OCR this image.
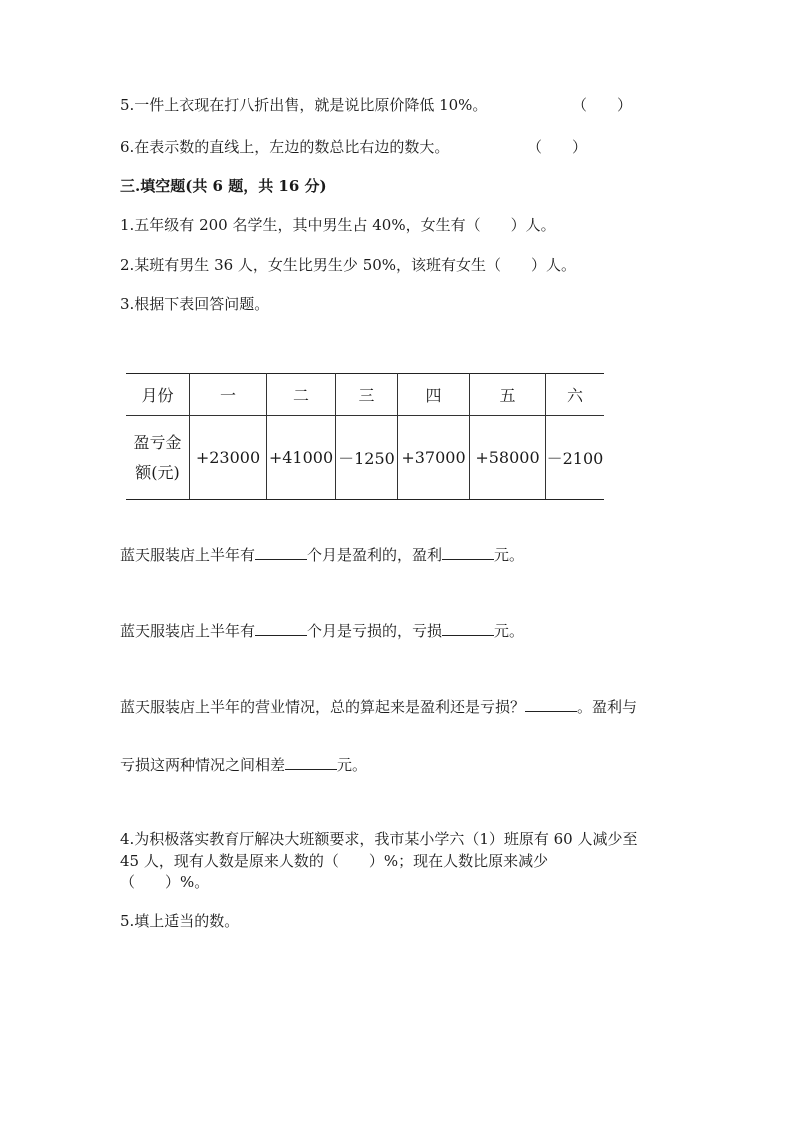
5.一件上衣现在打八折出售，就是说比原价降低 10%。	（　　）
6.在表示数的直线上，左边的数总比右边的数大。	（　　）
三.填空题(共 6 题，共 16 分)
1.五年级有 200 名学生，其中男生占 40%，女生有（　　）人。
2.某班有男生 36 人，女生比男生少 50%，该班有女生（　　）人。
3.根据下表回答问题。
月份	一	二	三	四	五	六
盈亏金
额(元)	+23000	+41000	－1250	+37000	+58000	－2100
蓝天服装店上半年有	个月是盈利的，盈利	元。
蓝天服装店上半年有	个月是亏损的，亏损	元。
蓝天服装店上半年的营业情况，总的算起来是盈利还是亏损？	。盈利与
亏损这两种情况之间相差	元。
4.为积极落实教育厅解决大班额要求，我市某小学六（1）班原有 60 人减少至
45 人，现有人数是原来人数的（　　）%；现在人数比原来减少
（　　）%。
5.填上适当的数。
